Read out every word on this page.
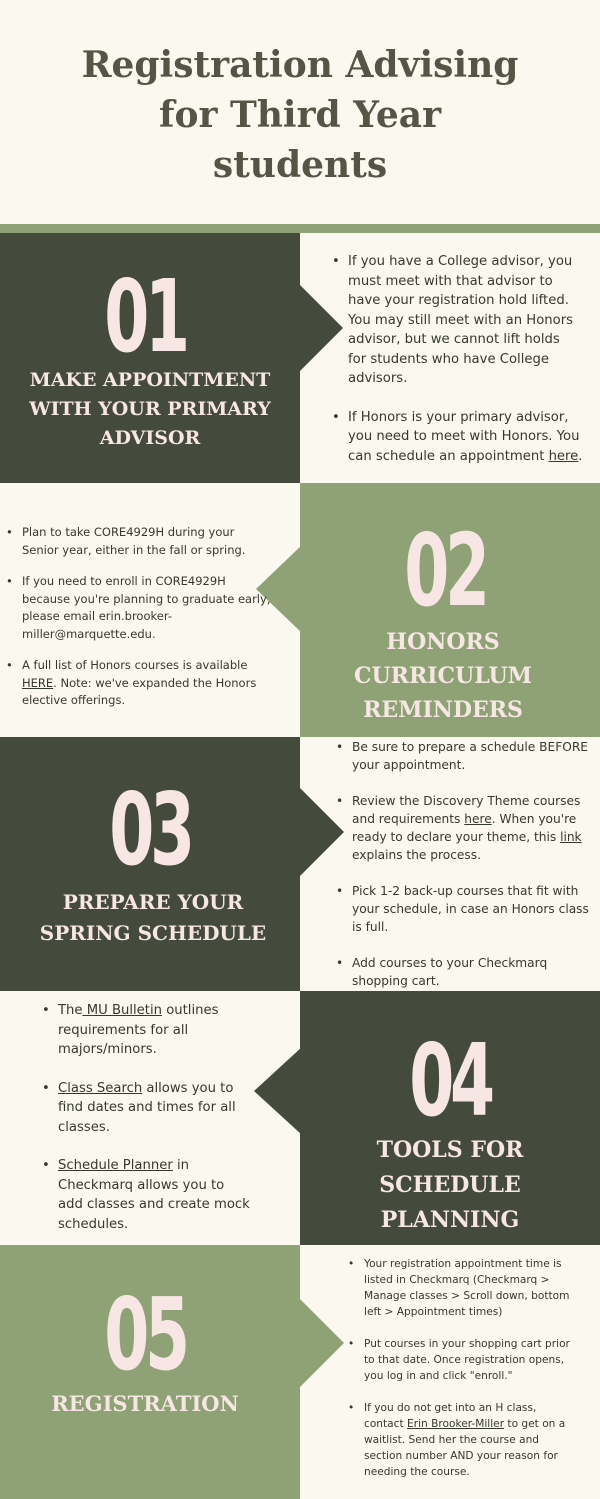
Registration Advising
for Third Year
students
01
MAKE APPOINTMENT
WITH YOUR PRIMARY
ADVISOR
• If you have a College advisor, you
must meet with that advisor to
have your registration hold lifted.
You may still meet with an Honors
advisor, but we cannot lift holds
for students who have College
advisors.
• If Honors is your primary advisor,
you need to meet with Honors. You
can schedule an appointment here.
02
HONORS
CURRICULUM
REMINDERS
• Plan to take CORE4929H during your
Senior year, either in the fall or spring.
• If you need to enroll in CORE4929H
because you're planning to graduate early,
please email erin.brooker-
miller@marquette.edu.
• A full list of Honors courses is available
HERE. Note: we've expanded the Honors
elective offerings.
03
PREPARE YOUR
SPRING SCHEDULE
• Be sure to prepare a schedule BEFORE
your appointment.
• Review the Discovery Theme courses
and requirements here. When you're
ready to declare your theme, this link
explains the process.
• Pick 1-2 back-up courses that fit with
your schedule, in case an Honors class
is full.
• Add courses to your Checkmarq
shopping cart.
04
TOOLS FOR
SCHEDULE
PLANNING
• The MU Bulletin outlines
requirements for all
majors/minors.
• Class Search allows you to
find dates and times for all
classes.
• Schedule Planner in
Checkmarq allows you to
add classes and create mock
schedules.
05
REGISTRATION
• Your registration appointment time is
listed in Checkmarq (Checkmarq >
Manage classes > Scroll down, bottom
left > Appointment times)
• Put courses in your shopping cart prior
to that date. Once registration opens,
you log in and click "enroll."
• If you do not get into an H class,
contact Erin Brooker-Miller to get on a
waitlist. Send her the course and
section number AND your reason for
needing the course.
